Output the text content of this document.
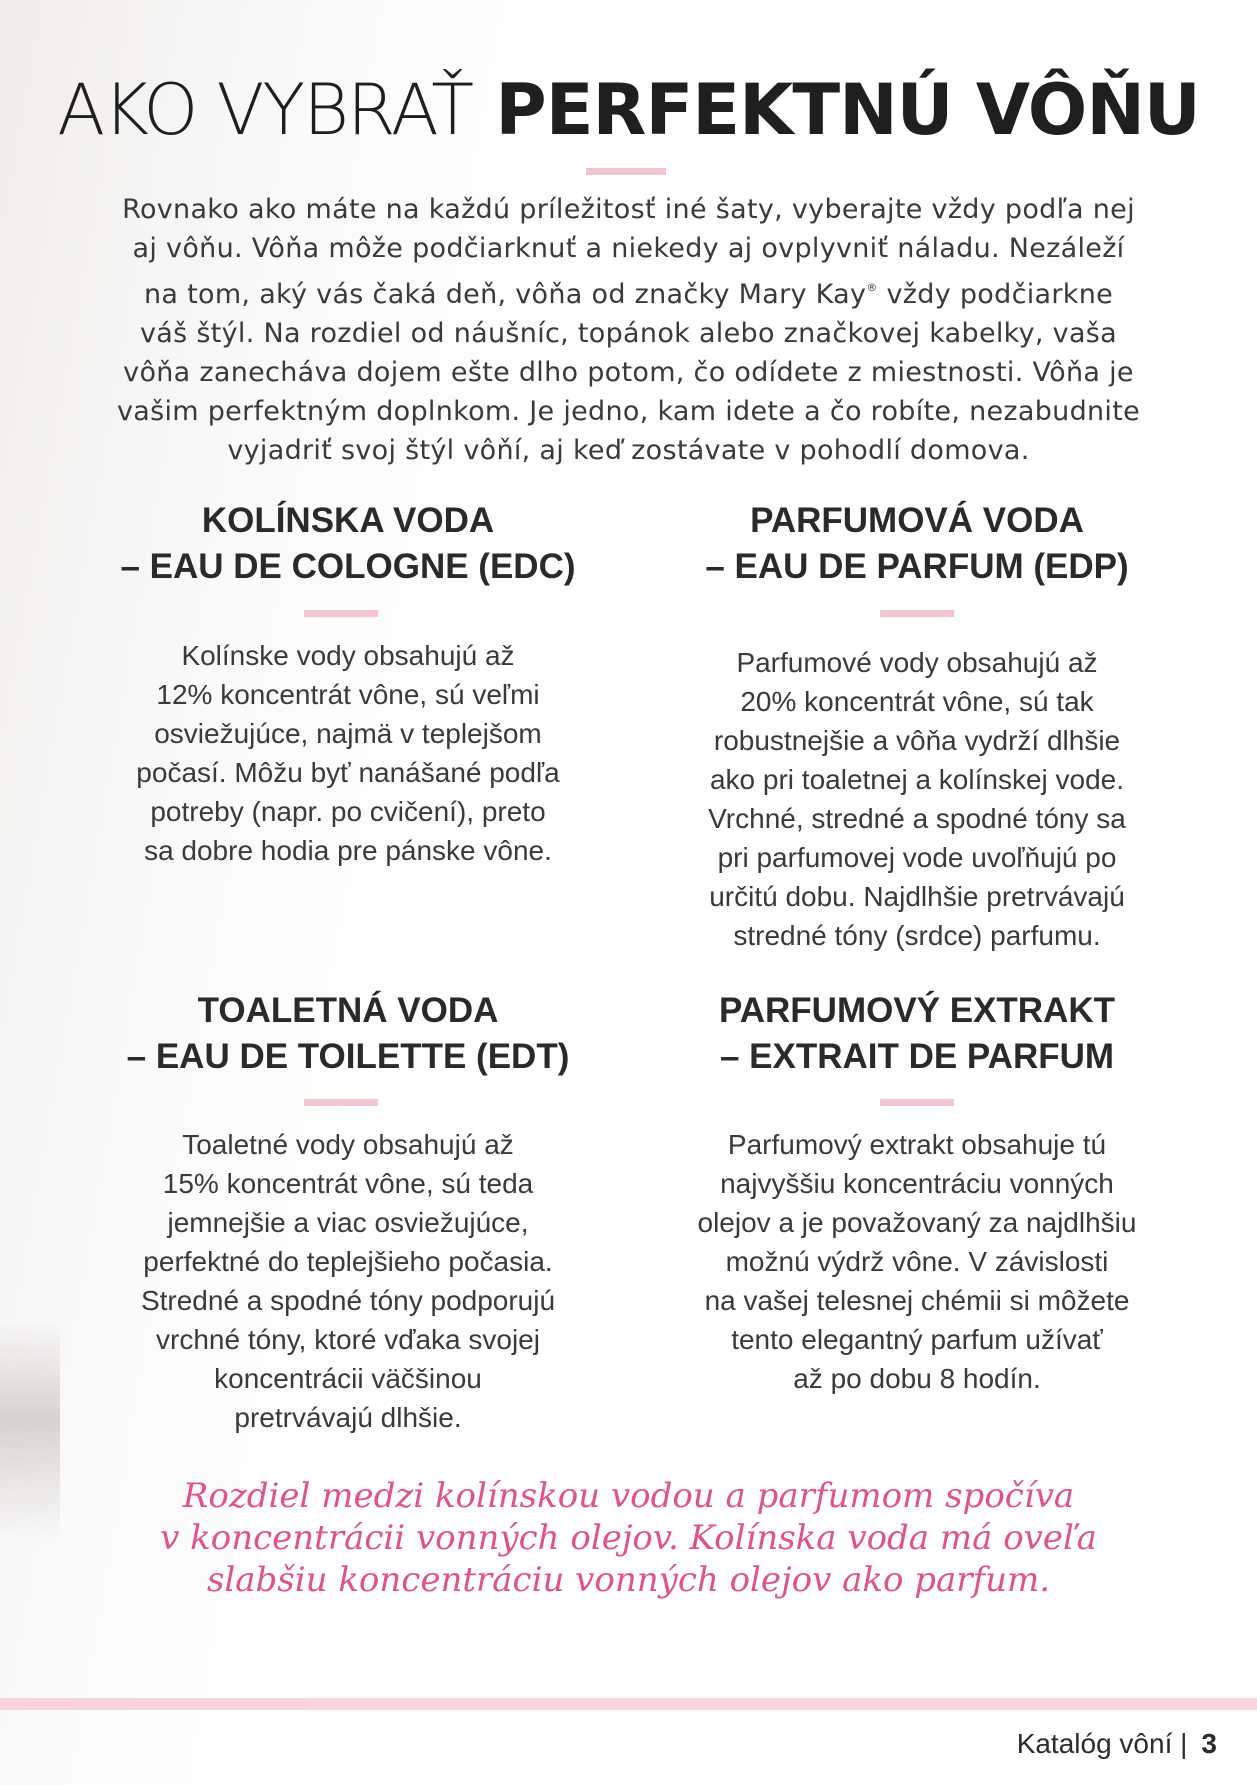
AKO VYBRAŤ PERFEKTNÚ VÔŇU
Rovnako ako máte na každú príležitosť iné šaty, vyberajte vždy podľa nej
aj vôňu. Vôňa môže podčiarknuť a niekedy aj ovplyvniť náladu. Nezáleží
na tom, aký vás čaká deň, vôňa od značky Mary Kay® vždy podčiarkne
váš štýl. Na rozdiel od náušníc, topánok alebo značkovej kabelky, vaša
vôňa zanecháva dojem ešte dlho potom, čo odídete z miestnosti. Vôňa je
vašim perfektným doplnkom. Je jedno, kam idete a čo robíte, nezabudnite
vyjadriť svoj štýl vôňí, aj keď zostávate v pohodlí domova.
KOLÍNSKA VODA
– EAU DE COLOGNE (EDC)
Kolínske vody obsahujú až
12% koncentrát vône, sú veľmi
osviežujúce, najmä v teplejšom
počasí. Môžu byť nanášané podľa
potreby (napr. po cvičení), preto
sa dobre hodia pre pánske vône.
PARFUMOVÁ VODA
– EAU DE PARFUM (EDP)
Parfumové vody obsahujú až
20% koncentrát vône, sú tak
robustnejšie a vôňa vydrží dlhšie
ako pri toaletnej a kolínskej vode.
Vrchné, stredné a spodné tóny sa
pri parfumovej vode uvoľňujú po
určitú dobu. Najdlhšie pretrvávajú
stredné tóny (srdce) parfumu.
TOALETNÁ VODA
– EAU DE TOILETTE (EDT)
Toaletné vody obsahujú až
15% koncentrát vône, sú teda
jemnejšie a viac osviežujúce,
perfektné do teplejšieho počasia.
Stredné a spodné tóny podporujú
vrchné tóny, ktoré vďaka svojej
koncentrácii väčšinou
pretrvávajú dlhšie.
PARFUMOVÝ EXTRAKT
– EXTRAIT DE PARFUM
Parfumový extrakt obsahuje tú
najvyššiu koncentráciu vonných
olejov a je považovaný za najdlhšiu
možnú výdrž vône. V závislosti
na vašej telesnej chémii si môžete
tento elegantný parfum užívať
až po dobu 8 hodín.
Rozdiel medzi kolínskou vodou a parfumom spočíva
v koncentrácii vonných olejov. Kolínska voda má oveľa
slabšiu koncentráciu vonných olejov ako parfum.
Katalóg vôní | 3
